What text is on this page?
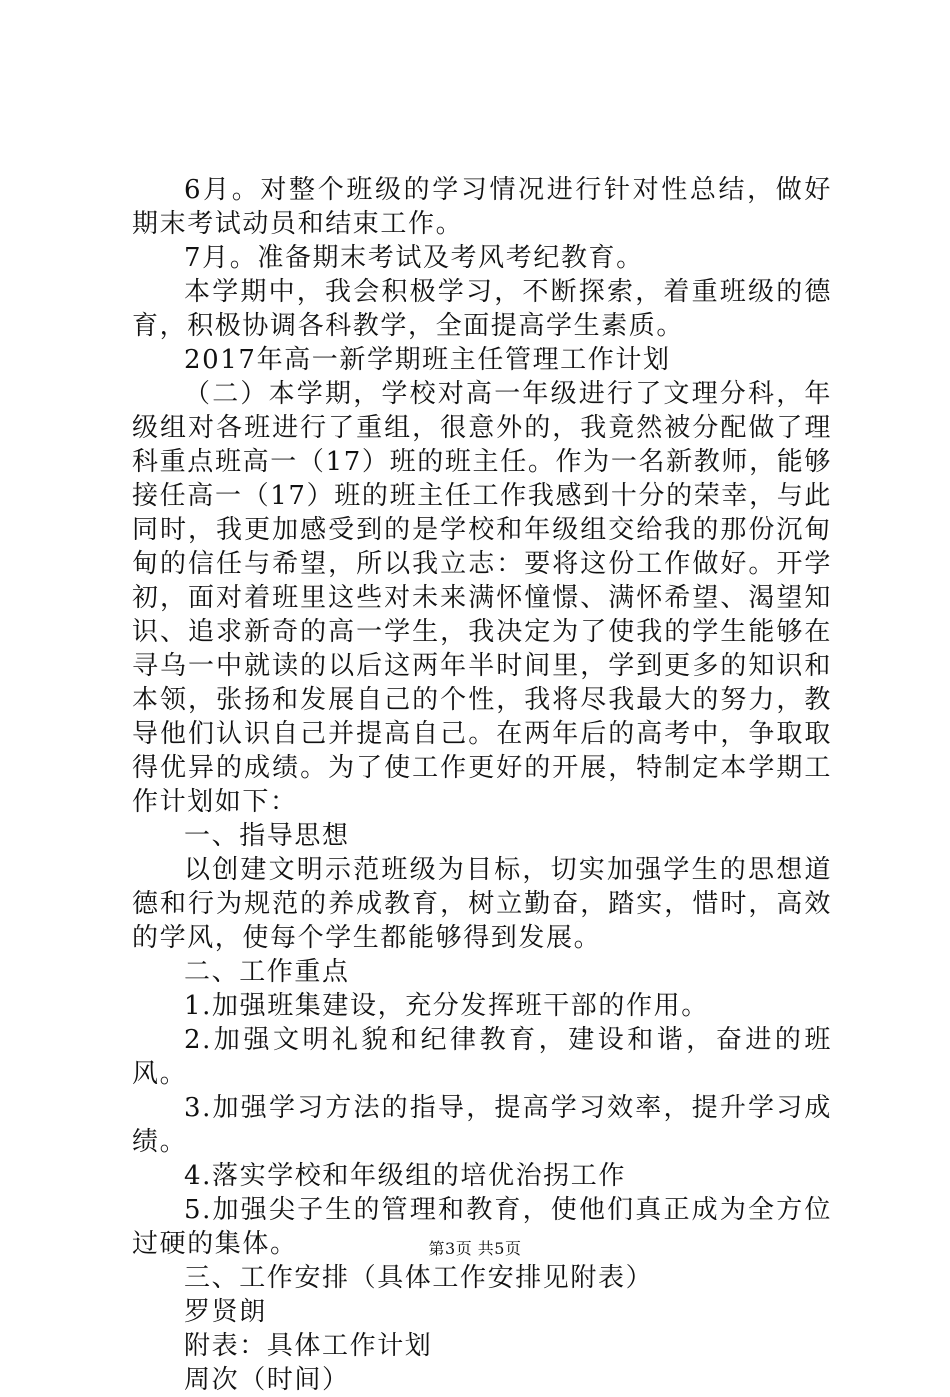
6月。对整个班级的学习情况进行针对性总结，做好期末考试动员和结束工作。

7月。准备期末考试及考风考纪教育。

本学期中，我会积极学习，不断探索，着重班级的德育，积极协调各科教学，全面提高学生素质。

2017年高一新学期班主任管理工作计划

（二）本学期，学校对高一年级进行了文理分科，年级组对各班进行了重组，很意外的，我竟然被分配做了理科重点班高一（17）班的班主任。作为一名新教师，能够接任高一（17）班的班主任工作我感到十分的荣幸，与此同时，我更加感受到的是学校和年级组交给我的那份沉甸甸的信任与希望，所以我立志：要将这份工作做好。开学初，面对着班里这些对未来满怀憧憬、满怀希望、渴望知识、追求新奇的高一学生，我决定为了使我的学生能够在寻乌一中就读的以后这两年半时间里，学到更多的知识和本领，张扬和发展自己的个性，我将尽我最大的努力，教导他们认识自己并提高自己。在两年后的高考中，争取取得优异的成绩。为了使工作更好的开展，特制定本学期工作计划如下：

一、指导思想

以创建文明示范班级为目标，切实加强学生的思想道德和行为规范的养成教育，树立勤奋，踏实，惜时，高效的学风，使每个学生都能够得到发展。

二、工作重点

1.加强班集建设，充分发挥班干部的作用。

2.加强文明礼貌和纪律教育，建设和谐，奋进的班风。

3.加强学习方法的指导，提高学习效率，提升学习成绩。

4.落实学校和年级组的培优治拐工作

5.加强尖子生的管理和教育，使他们真正成为全方位过硬的集体。

三、工作安排（具体工作安排见附表）

罗贤朗

附表：具体工作计划

周次（时间）

第3页 共5页
